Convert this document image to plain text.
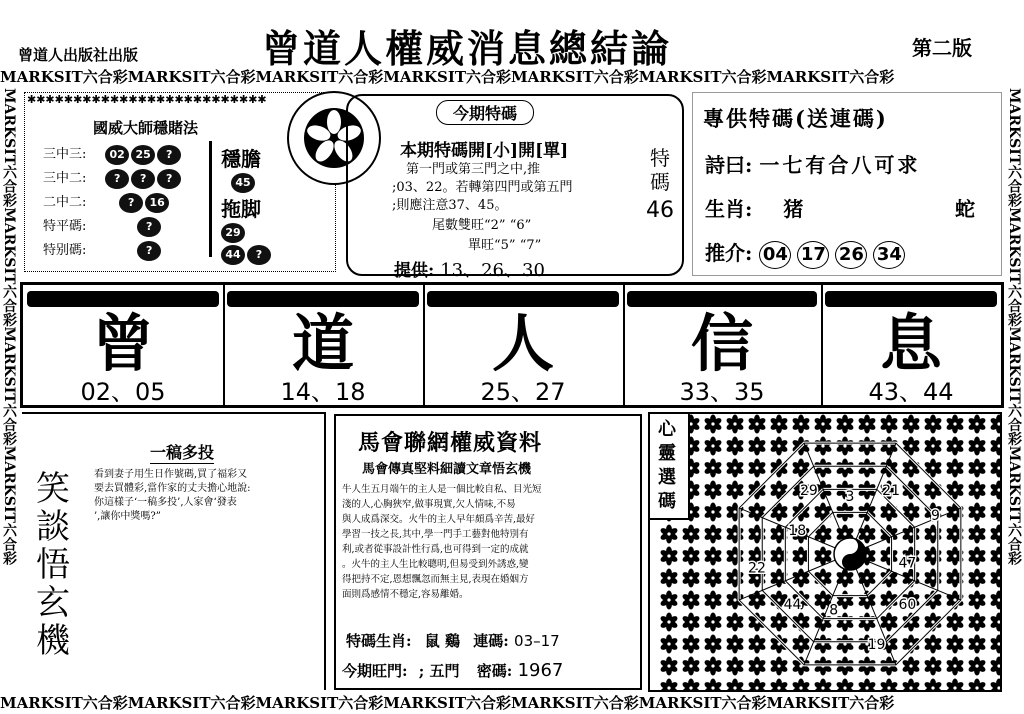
曾道人出版社出版	曾道人權威消息總結論	第二版
MARKSIT六合彩MARKSIT六合彩MARKSIT六合彩MARKSIT六合彩MARKSIT六合彩MARKSIT六合彩MARKSIT六合彩
MARKSIT六合彩MARKSIT六合彩MARKSIT六合彩MARKSIT六合彩MARKSIT六合彩MARKSIT六合彩MARKSIT六合彩
MARKSIT六合彩MARKSIT六合彩MARKSIT六合彩MARKSIT六合彩	MARKSIT六合彩MARKSIT六合彩MARKSIT六合彩MARKSIT六合彩
✱✱✱✱✱✱✱✱✱✱✱✱✱✱✱✱✱✱✱✱✱✱✱✱✱✱
國威大師穩賭法
三中三: 02 25 ?
三中二:	? ? ?
二中二:	? 16
特平碼:	?
特别碼:	?
穩膽
45
拖脚
29
44 ?
今期特碼
本期特碼開[小]開[單]
第一門或第三門之中,推
;03、22。若轉第四門或第五門
;則應注意37、45。
尾數雙旺“2” “6”
單旺“5” “7”
提供: 13、26、30
特碼
46
專供特碼(送連碼)
詩曰: 一七有合八可求
生肖: 猪	蛇
推介: 04 17 26 34
曾
02、05
道
14、18
人
25、27
信
33、35
息
43、44
一稿多投
笑談悟玄機
看到妻子用生日作號碼,買了福彩又
要去買體彩,當作家的丈夫擔心地說:
你這樣子‘一稿多投’,人家會‘發表
’,讓你中獎嗎?”
馬會聯網權威資料
馬會傳真堅料細讀文章悟玄機
牛人生五月端午的主人是一個比較自私、目光短
淺的人,心胸狹窄,做事現實,欠人情味,不易
與人成爲深交。火牛的主人早年頗爲辛苦,最好
學習一技之長,其中,學一門手工藝對他特別有
利,或者從事設計性行爲,也可得到一定的成就
。火牛的主人生比較聰明,但易受到外誘惑,變
得把持不定,恩想飄忽而無主見,表現在婚姻方
面則爲感情不穩定,容易離婚。
特碼生肖: 鼠 鷄 連碼: 03–17
今期旺門: ; 五門 密碼: 1967
3 21
9
47
60
19
8
44
22
18
29
心靈選碼
